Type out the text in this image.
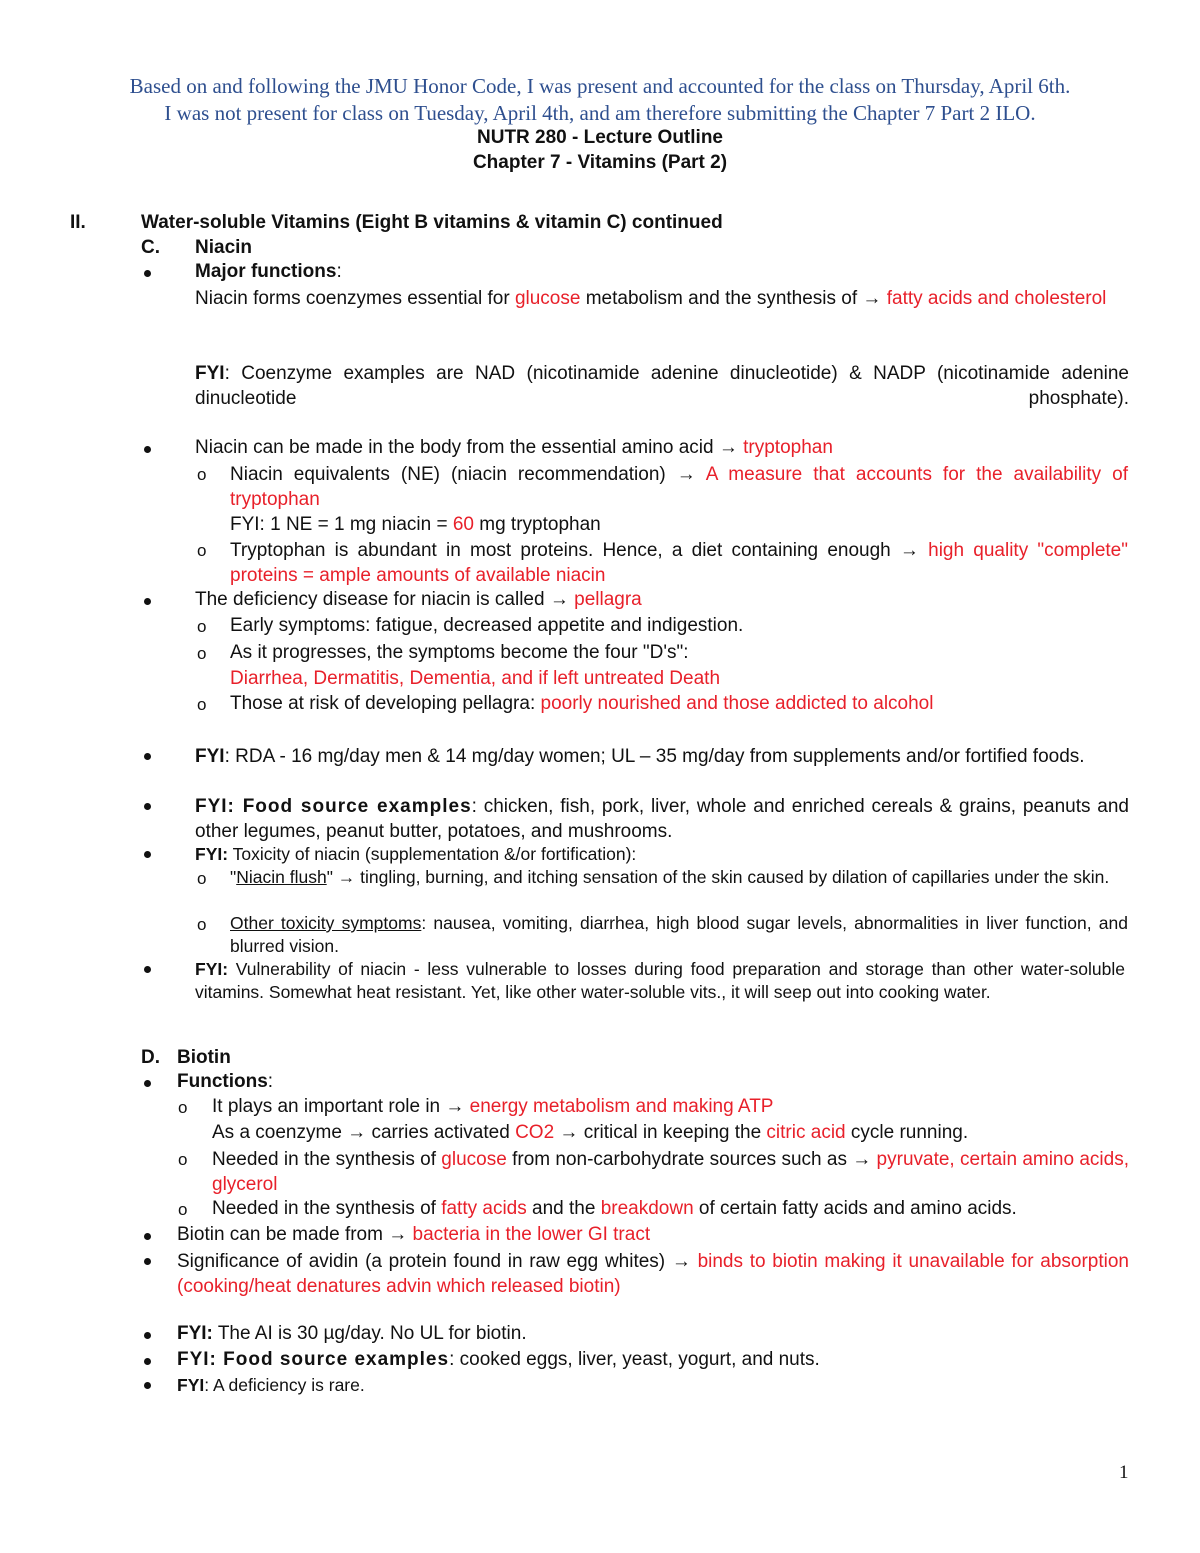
Based on and following the JMU Honor Code, I was present and accounted for the class on Thursday, April 6th.
I was not present for class on Tuesday, April 4th, and am therefore submitting the Chapter 7 Part 2 ILO.
NUTR 280 - Lecture Outline
Chapter 7 - Vitamins (Part 2)
II.	Water-soluble Vitamins (Eight B vitamins & vitamin C) continued
C. Niacin
Major functions:
Niacin forms coenzymes essential for glucose metabolism and the synthesis of → fatty acids and cholesterol
FYI: Coenzyme examples are NAD (nicotinamide adenine dinucleotide) & NADP (nicotinamide adenine dinucleotide phosphate).
Niacin can be made in the body from the essential amino acid → tryptophan
o Niacin equivalents (NE) (niacin recommendation) → A measure that accounts for the availability of tryptophan
FYI: 1 NE = 1 mg niacin = 60 mg tryptophan
o Tryptophan is abundant in most proteins. Hence, a diet containing enough → high quality "complete" proteins = ample amounts of available niacin
The deficiency disease for niacin is called → pellagra
o Early symptoms: fatigue, decreased appetite and indigestion.
o As it progresses, the symptoms become the four "D's":
Diarrhea, Dermatitis, Dementia, and if left untreated Death
o Those at risk of developing pellagra: poorly nourished and those addicted to alcohol
FYI: RDA - 16 mg/day men & 14 mg/day women; UL – 35 mg/day from supplements and/or fortified foods.
FYI: Food source examples: chicken, fish, pork, liver, whole and enriched cereals & grains, peanuts and other legumes, peanut butter, potatoes, and mushrooms.
FYI: Toxicity of niacin (supplementation &/or fortification):
o "Niacin flush" → tingling, burning, and itching sensation of the skin caused by dilation of capillaries under the skin.
o Other toxicity symptoms: nausea, vomiting, diarrhea, high blood sugar levels, abnormalities in liver function, and blurred vision.
FYI: Vulnerability of niacin - less vulnerable to losses during food preparation and storage than other water-soluble vitamins. Somewhat heat resistant. Yet, like other water-soluble vits., it will seep out into cooking water.
D. Biotin
Functions:
o It plays an important role in → energy metabolism and making ATP
As a coenzyme → carries activated CO2 → critical in keeping the citric acid cycle running.
o Needed in the synthesis of glucose from non-carbohydrate sources such as → pyruvate, certain amino acids, glycerol
o Needed in the synthesis of fatty acids and the breakdown of certain fatty acids and amino acids.
Biotin can be made from → bacteria in the lower GI tract
Significance of avidin (a protein found in raw egg whites) → binds to biotin making it unavailable for absorption (cooking/heat denatures advin which released biotin)
FYI: The AI is 30 µg/day. No UL for biotin.
FYI: Food source examples: cooked eggs, liver, yeast, yogurt, and nuts.
FYI: A deficiency is rare.
1
